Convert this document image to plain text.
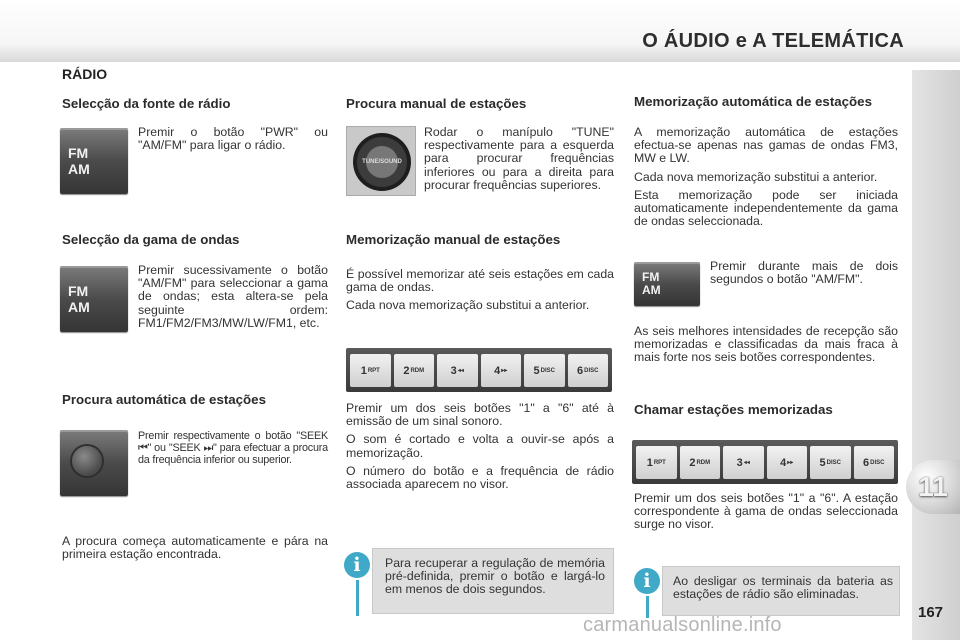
O ÁUDIO e A TELEMÁTICA
11
167
RÁDIO
Selecção da fonte de rádio
FM
AM
Premir o botão "PWR" ou "AM/FM" para ligar o rádio.
Selecção da gama de ondas
FM
AM
Premir sucessivamente o botão "AM/FM" para seleccionar a gama de ondas; esta altera-se pela seguinte ordem: FM1/FM2/FM3/MW/LW/FM1, etc.
Procura automática de estações
Premir respectivamente o botão "SEEK ⏮" ou "SEEK ⏭" para efectuar a procura da frequência inferior ou superior.
A procura começa automaticamente e pára na primeira estação encontrada.
Procura manual de estações
TUNE/SOUND
Rodar o manípulo "TUNE" respectivamente para a esquerda para procurar frequências inferiores ou para a direita para procurar frequências superiores.
Memorização manual de estações
É possível memorizar até seis estações em cada gama de ondas.
Cada nova memorização substitui a anterior.
1 RPT 2 RDM 3 ◂◂	4 ▸▸ 5 DISC 6 DISC
Premir um dos seis botões "1" a "6" até à emissão de um sinal sonoro.
O som é cortado e volta a ouvir-se após a memorização.
O número do botão e a frequência de rádio associada aparecem no visor.
Para recuperar a regulação de memória pré-definida, premir o botão e largá-lo em menos de dois segundos.
i
Memorização automática de estações
A memorização automática de estações efectua-se apenas nas gamas de ondas FM3, MW e LW.
Cada nova memorização substitui a anterior.
Esta memorização pode ser iniciada automaticamente independentemente da gama de ondas seleccionada.
FM
AM
Premir durante mais de dois segundos o botão "AM/FM".
As seis melhores intensidades de recepção são memorizadas e classificadas da mais fraca à mais forte nos seis botões correspondentes.
Chamar estações memorizadas
1 RPT 2 RDM 3 ◂◂	4 ▸▸ 5 DISC 6 DISC
Premir um dos seis botões "1" a "6". A estação correspondente à gama de ondas seleccionada surge no visor.
Ao desligar os terminais da bateria as estações de rádio são eliminadas.
i
carmanualsonline.info
